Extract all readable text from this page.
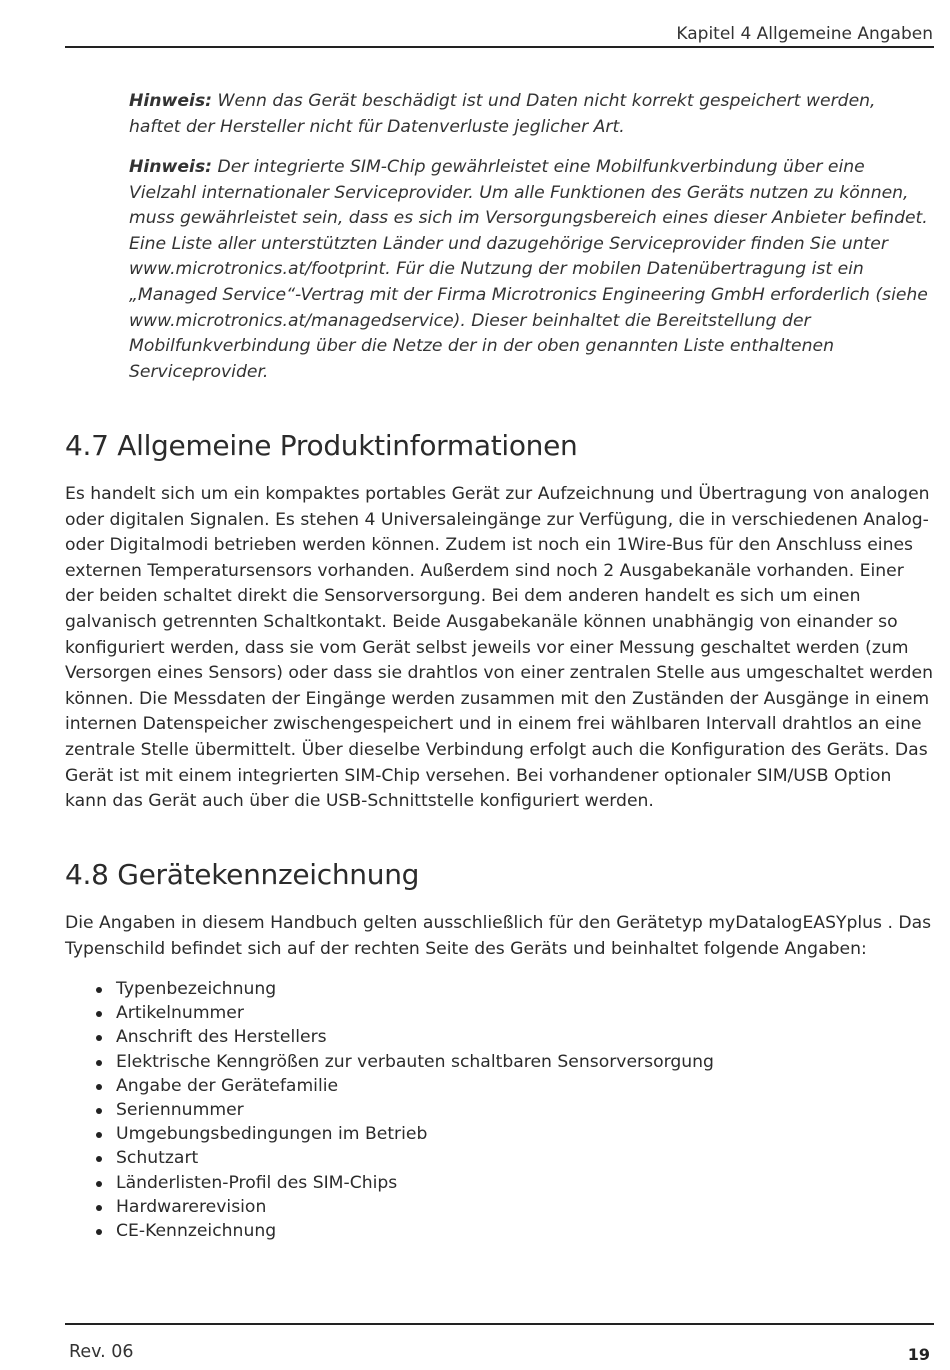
Kapitel 4 Allgemeine Angaben
Hinweis: Wenn das Gerät beschädigt ist und Daten nicht korrekt gespeichert werden, haftet der Hersteller nicht für Datenverluste jeglicher Art.
Hinweis: Der integrierte SIM-Chip gewährleistet eine Mobilfunkverbindung über eine Vielzahl internationaler Serviceprovider. Um alle Funktionen des Geräts nutzen zu können, muss gewährleistet sein, dass es sich im Versorgungsbereich eines dieser Anbieter befindet. Eine Liste aller unterstützten Länder und dazugehörige Serviceprovider finden Sie unter www.microtronics.at/footprint. Für die Nutzung der mobilen Datenübertragung ist ein „Managed Service“-Vertrag mit der Firma Microtronics Engineering GmbH erforderlich (siehe www.microtronics.at/managedservice). Dieser beinhaltet die Bereitstellung der Mobilfunkverbindung über die Netze der in der oben genannten Liste enthaltenen Serviceprovider.
4.7 Allgemeine Produktinformationen
Es handelt sich um ein kompaktes portables Gerät zur Aufzeichnung und Übertragung von analogen oder digitalen Signalen. Es stehen 4 Universaleingänge zur Verfügung, die in verschiedenen Analog- oder Digitalmodi betrieben werden können. Zudem ist noch ein 1Wire-Bus für den Anschluss eines externen Temperatursensors vorhanden. Außerdem sind noch 2 Ausgabekanäle vorhanden. Einer der beiden schaltet direkt die Sensorversorgung. Bei dem anderen handelt es sich um einen galvanisch getrennten Schaltkontakt. Beide Ausgabekanäle können unabhängig von einander so konfiguriert werden, dass sie vom Gerät selbst jeweils vor einer Messung geschaltet werden (zum Versorgen eines Sensors) oder dass sie drahtlos von einer zentralen Stelle aus umgeschaltet werden können. Die Messdaten der Eingänge werden zusammen mit den Zuständen der Ausgänge in einem internen Datenspeicher zwischengespeichert und in einem frei wählbaren Intervall drahtlos an eine zentrale Stelle übermittelt. Über dieselbe Verbindung erfolgt auch die Konfiguration des Geräts. Das Gerät ist mit einem integrierten SIM-Chip versehen. Bei vorhandener optionaler SIM/USB Option kann das Gerät auch über die USB-Schnittstelle konfiguriert werden.
4.8 Gerätekennzeichnung
Die Angaben in diesem Handbuch gelten ausschließlich für den Gerätetyp myDatalogEASYplus . Das Typenschild befindet sich auf der rechten Seite des Geräts und beinhaltet folgende Angaben:
Typenbezeichnung
Artikelnummer
Anschrift des Herstellers
Elektrische Kenngrößen zur verbauten schaltbaren Sensorversorgung
Angabe der Gerätefamilie
Seriennummer
Umgebungsbedingungen im Betrieb
Schutzart
Länderlisten-Profil des SIM-Chips
Hardwarerevision
CE-Kennzeichnung
Rev. 06	19
